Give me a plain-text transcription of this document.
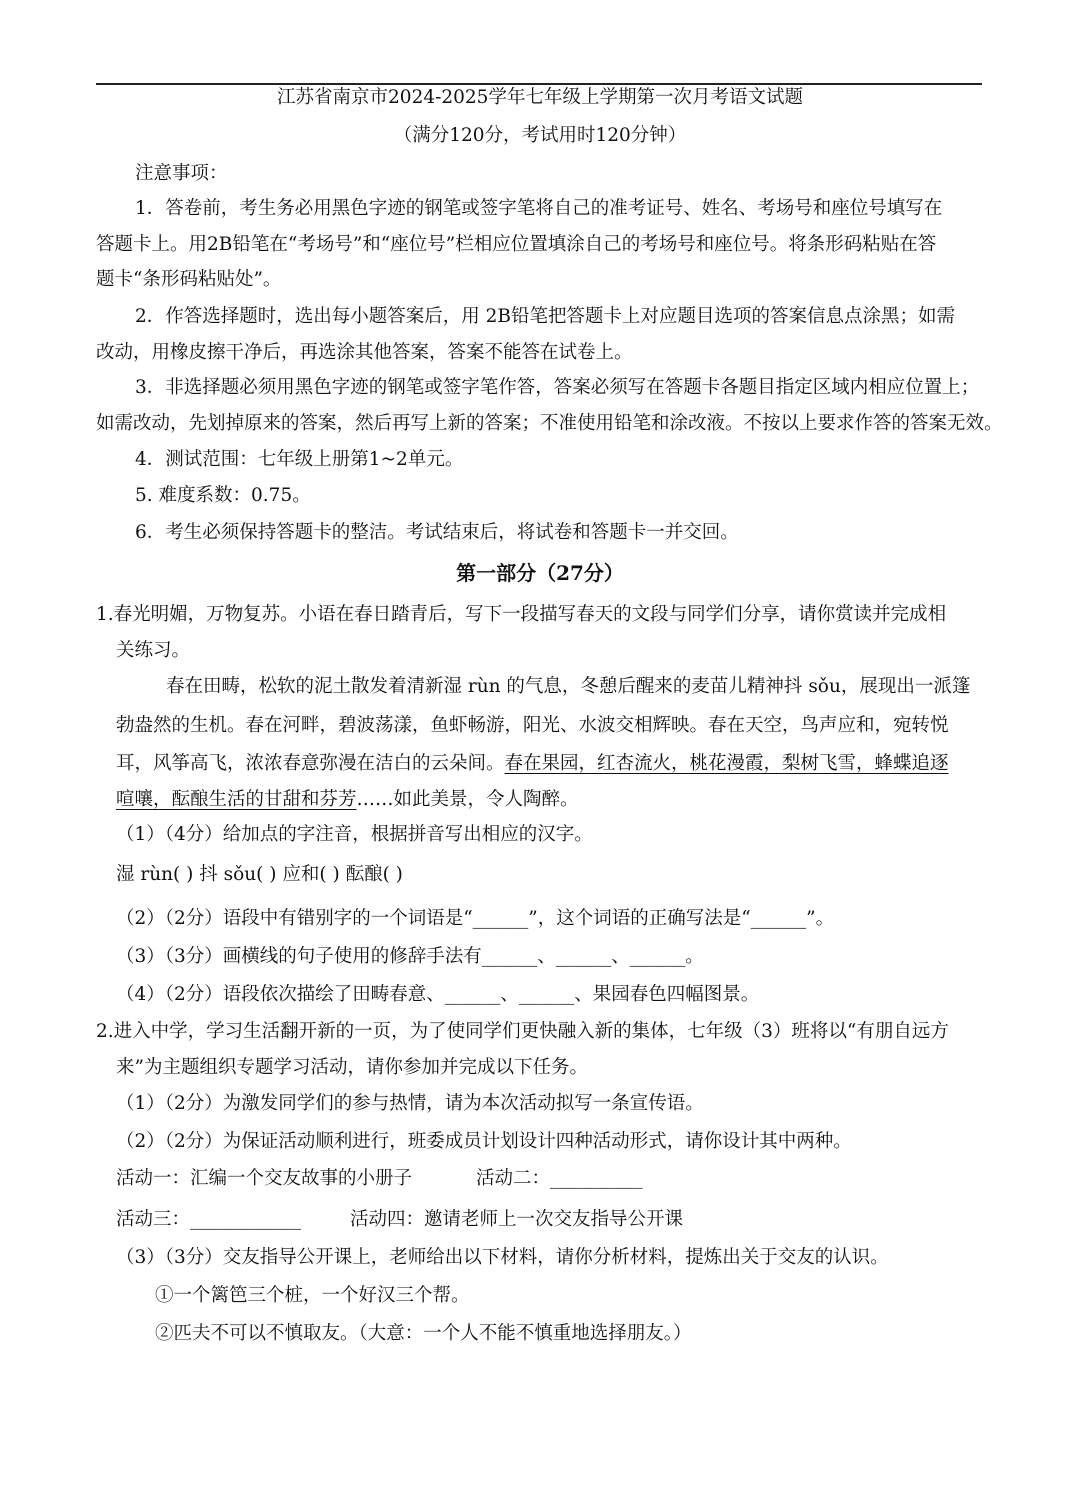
江苏省南京市2024-2025学年七年级上学期第一次月考语文试题
（满分120分，考试用时120分钟）
注意事项：
1．答卷前，考生务必用黑色字迹的钢笔或签字笔将自己的准考证号、姓名、考场号和座位号填写在
答题卡上。用2B铅笔在“考场号”和“座位号”栏相应位置填涂自己的考场号和座位号。将条形码粘贴在答
题卡“条形码粘贴处”。
2．作答选择题时，选出每小题答案后，用 2B铅笔把答题卡上对应题目选项的答案信息点涂黑；如需
改动，用橡皮擦干净后，再选涂其他答案，答案不能答在试卷上。
3．非选择题必须用黑色字迹的钢笔或签字笔作答，答案必须写在答题卡各题目指定区域内相应位置上；
如需改动，先划掉原来的答案，然后再写上新的答案；不准使用铅笔和涂改液。不按以上要求作答的答案无效。
4．测试范围：七年级上册第1~2单元。
5. 难度系数：0.75。
6．考生必须保持答题卡的整洁。考试结束后，将试卷和答题卡一并交回。
第一部分（27分）
1.春光明媚，万物复苏。小语在春日踏青后，写下一段描写春天的文段与同学们分享，请你赏读并完成相
关练习。
春在田畴，松软的泥土散发着清新湿 rùn 的气息，冬憩后醒来的麦苗儿精神抖 sǒu，展现出一派篷
勃盎然的生机。春在河畔，碧波荡漾，鱼虾畅游，阳光、水波交相辉映。春在天空，鸟声应和，宛转悦
耳，风筝高飞，浓浓春意弥漫在洁白的云朵间。春在果园，红杏流火，桃花漫霞，梨树飞雪，蜂蝶追逐
喧嚷，酝酿生活的甘甜和芬芳……如此美景，令人陶醉。
（1）（4分）给加点的字注音，根据拼音写出相应的汉字。
湿 rùn( ) 抖 sǒu( ) 应和( ) 酝酿( )
（2）（2分）语段中有错别字的一个词语是“______”，这个词语的正确写法是“______”。
（3）（3分）画横线的句子使用的修辞手法有______、______、______。
（4）（2分）语段依次描绘了田畴春意、______、______、果园春色四幅图景。
2.进入中学，学习生活翻开新的一页，为了使同学们更快融入新的集体，七年级（3）班将以“有朋自远方
来”为主题组织专题学习活动，请你参加并完成以下任务。
（1）（2分）为激发同学们的参与热情，请为本次活动拟写一条宣传语。
（2）（2分）为保证活动顺利进行，班委成员计划设计四种活动形式，请你设计其中两种。
活动一：汇编一个交友故事的小册子	活动二：__________
活动三：____________	活动四：邀请老师上一次交友指导公开课
（3）（3分）交友指导公开课上，老师给出以下材料，请你分析材料，提炼出关于交友的认识。
①一个篱笆三个桩，一个好汉三个帮。
②匹夫不可以不慎取友。（大意：一个人不能不慎重地选择朋友。）
